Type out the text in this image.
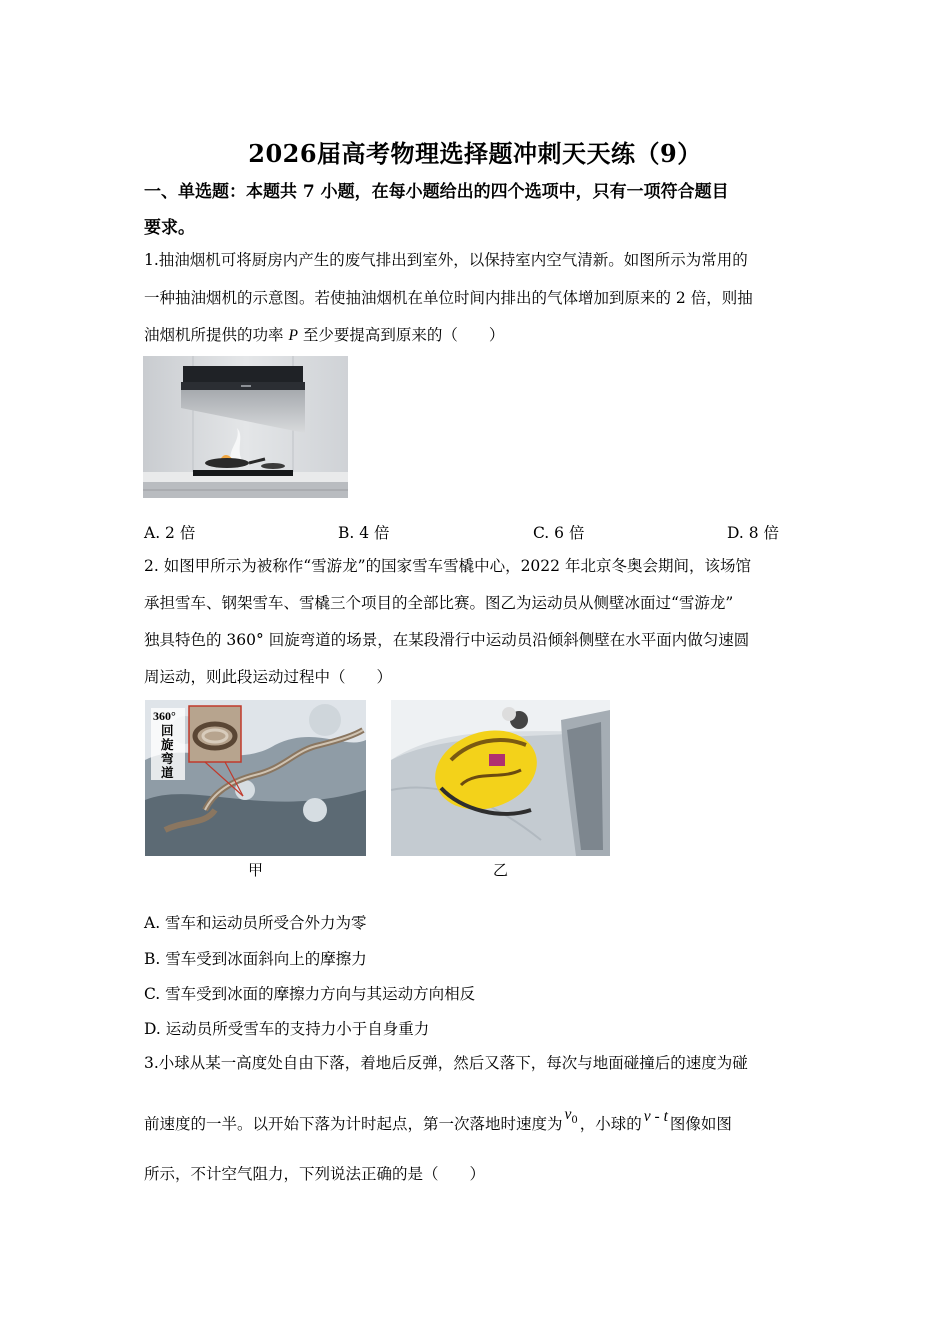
2026届高考物理选择题冲刺天天练（9）
一、单选题：本题共 7 小题，在每小题给出的四个选项中，只有一项符合题目
要求。
1.抽油烟机可将厨房内产生的废气排出到室外，以保持室内空气清新。如图所示为常用的
一种抽油烟机的示意图。若使抽油烟机在单位时间内排出的气体增加到原来的 2 倍，则抽
油烟机所提供的功率 P 至少要提高到原来的（　　）
A. 2 倍	B. 4 倍	C. 6 倍	D. 8 倍
2. 如图甲所示为被称作“雪游龙”的国家雪车雪橇中心，2022 年北京冬奥会期间，该场馆
承担雪车、钢架雪车、雪橇三个项目的全部比赛。图乙为运动员从侧壁冰面过“雪游龙”
独具特色的 360° 回旋弯道的场景，在某段滑行中运动员沿倾斜侧壁在水平面内做匀速圆
周运动，则此段运动过程中（　　）
360°
回旋弯道
甲	乙
A. 雪车和运动员所受合外力为零
B. 雪车受到冰面斜向上的摩擦力
C. 雪车受到冰面的摩擦力方向与其运动方向相反
D. 运动员所受雪车的支持力小于自身重力
3.小球从某一高度处自由下落，着地后反弹，然后又落下，每次与地面碰撞后的速度为碰
前速度的一半。以开始下落为计时起点，第一次落地时速度为$v_0$ ，小球的 v - t 图像如图
所示，不计空气阻力，下列说法正确的是（　　）
